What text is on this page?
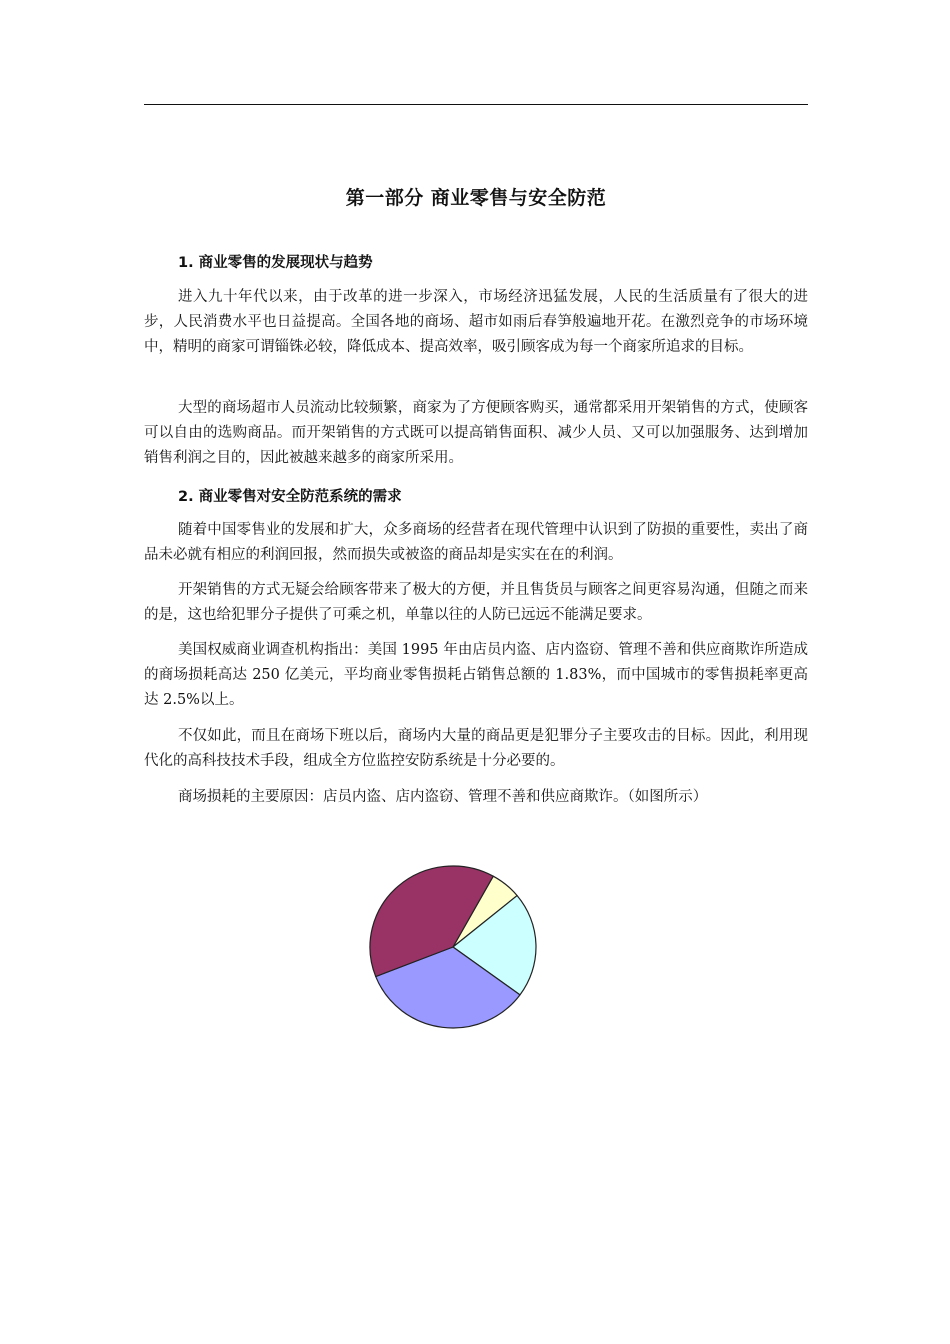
第一部分 商业零售与安全防范
1. 商业零售的发展现状与趋势

进入九十年代以来，由于改革的进一步深入，市场经济迅猛发展，人民的生活质量有了很大的进步，人民消费水平也日益提高。全国各地的商场、超市如雨后春笋般遍地开花。在激烈竞争的市场环境中，精明的商家可谓锱铢必较，降低成本、提高效率，吸引顾客成为每一个商家所追求的目标。

大型的商场超市人员流动比较频繁，商家为了方便顾客购买，通常都采用开架销售的方式，使顾客可以自由的选购商品。而开架销售的方式既可以提高销售面积、减少人员、又可以加强服务、达到增加销售利润之目的，因此被越来越多的商家所采用。

2. 商业零售对安全防范系统的需求

随着中国零售业的发展和扩大，众多商场的经营者在现代管理中认识到了防损的重要性，卖出了商品未必就有相应的利润回报，然而损失或被盗的商品却是实实在在的利润。

开架销售的方式无疑会给顾客带来了极大的方便，并且售货员与顾客之间更容易沟通，但随之而来的是，这也给犯罪分子提供了可乘之机，单靠以往的人防已远远不能满足要求。

美国权威商业调查机构指出：美国 1995 年由店员内盗、店内盗窃、管理不善和供应商欺诈所造成的商场损耗高达 250 亿美元，平均商业零售损耗占销售总额的 1.83%，而中国城市的零售损耗率更高达 2.5%以上。

不仅如此，而且在商场下班以后，商场内大量的商品更是犯罪分子主要攻击的目标。因此，利用现代化的高科技技术手段，组成全方位监控安防系统是十分必要的。

商场损耗的主要原因：店员内盗、店内盗窃、管理不善和供应商欺诈。（如图所示）
